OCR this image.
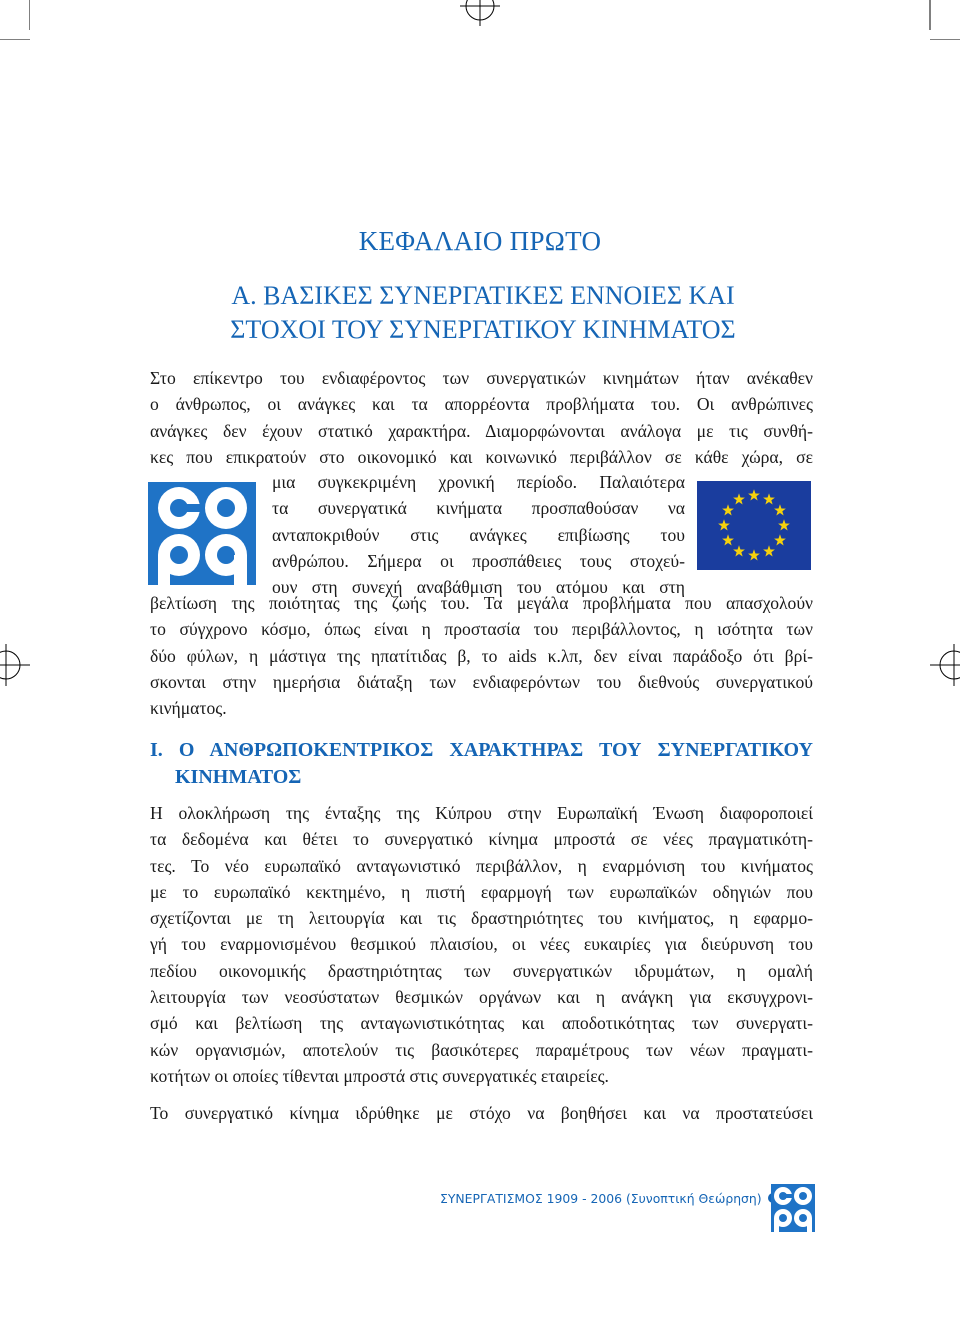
ΚΕΦΑΛΑΙΟ ΠΡΩΤΟ
Α. ΒΑΣΙΚΕΣ ΣΥΝΕΡΓΑΤΙΚΕΣ ΕΝΝΟΙΕΣ ΚΑΙ
ΣΤΟΧΟΙ ΤΟΥ ΣΥΝΕΡΓΑΤΙΚΟΥ ΚΙΝΗΜΑΤΟΣ
Στο επίκεντρο του ενδιαφέροντος των συνεργατικών κινημάτων ήταν ανέκαθεν
ο άνθρωπος, οι ανάγκες και τα απορρέοντα προβλήματα του. Οι ανθρώπινες
ανάγκες δεν έχουν στατικό χαρακτήρα. Διαμορφώνονται ανάλογα με τις συνθή-
κες που επικρατούν στο οικονομικό και κοινωνικό περιβάλλον σε κάθε χώρα, σε
μια συγκεκριμένη χρονική περίοδο. Παλαιότερα
τα συνεργατικά κινήματα προσπαθούσαν να
ανταποκριθούν στις ανάγκες επιβίωσης του
ανθρώπου. Σήμερα οι προσπάθειες τους στοχεύ-
ουν στη συνεχή αναβάθμιση του ατόμου και στη
βελτίωση της ποιότητας της ζωής του. Τα μεγάλα προβλήματα που απασχολούν
το σύγχρονο κόσμο, όπως είναι η προστασία του περιβάλλοντος, η ισότητα των
δύο φύλων, η μάστιγα της ηπατίτιδας β, το aids κ.λπ, δεν είναι παράδοξο ότι βρί-
σκονται στην ημερήσια διάταξη των ενδιαφερόντων του διεθνούς συνεργατικού
κινήματος.
Ι. Ο ΑΝΘΡΩΠΟΚΕΝΤΡΙΚΟΣ ΧΑΡΑΚΤΗΡΑΣ ΤΟΥ ΣΥΝΕΡΓΑΤΙΚΟΥ
ΚΙΝΗΜΑΤΟΣ
Η ολοκλήρωση της ένταξης της Κύπρου στην Ευρωπαϊκή Ένωση διαφοροποιεί
τα δεδομένα και θέτει το συνεργατικό κίνημα μπροστά σε νέες πραγματικότη-
τες. Το νέο ευρωπαϊκό ανταγωνιστικό περιβάλλον, η εναρμόνιση του κινήματος
με το ευρωπαϊκό κεκτημένο, η πιστή εφαρμογή των ευρωπαϊκών οδηγιών που
σχετίζονται με τη λειτουργία και τις δραστηριότητες του κινήματος, η εφαρμο-
γή του εναρμονισμένου θεσμικού πλαισίου, οι νέες ευκαιρίες για διεύρυνση του
πεδίου οικονομικής δραστηριότητας των συνεργατικών ιδρυμάτων, η ομαλή
λειτουργία των νεοσύστατων θεσμικών οργάνων και η ανάγκη για εκσυγχρονι-
σμό και βελτίωση της ανταγωνιστικότητας και αποδοτικότητας των συνεργατι-
κών οργανισμών, αποτελούν τις βασικότερες παραμέτρους των νέων πραγματι-
κοτήτων οι οποίες τίθενται μπροστά στις συνεργατικές εταιρείες.
Το συνεργατικό κίνημα ιδρύθηκε με στόχο να βοηθήσει και να προστατεύσει
ΣΥΝΕΡΓΑΤΙΣΜΟΣ 1909 - 2006 (Συνοπτική Θεώρηση)
